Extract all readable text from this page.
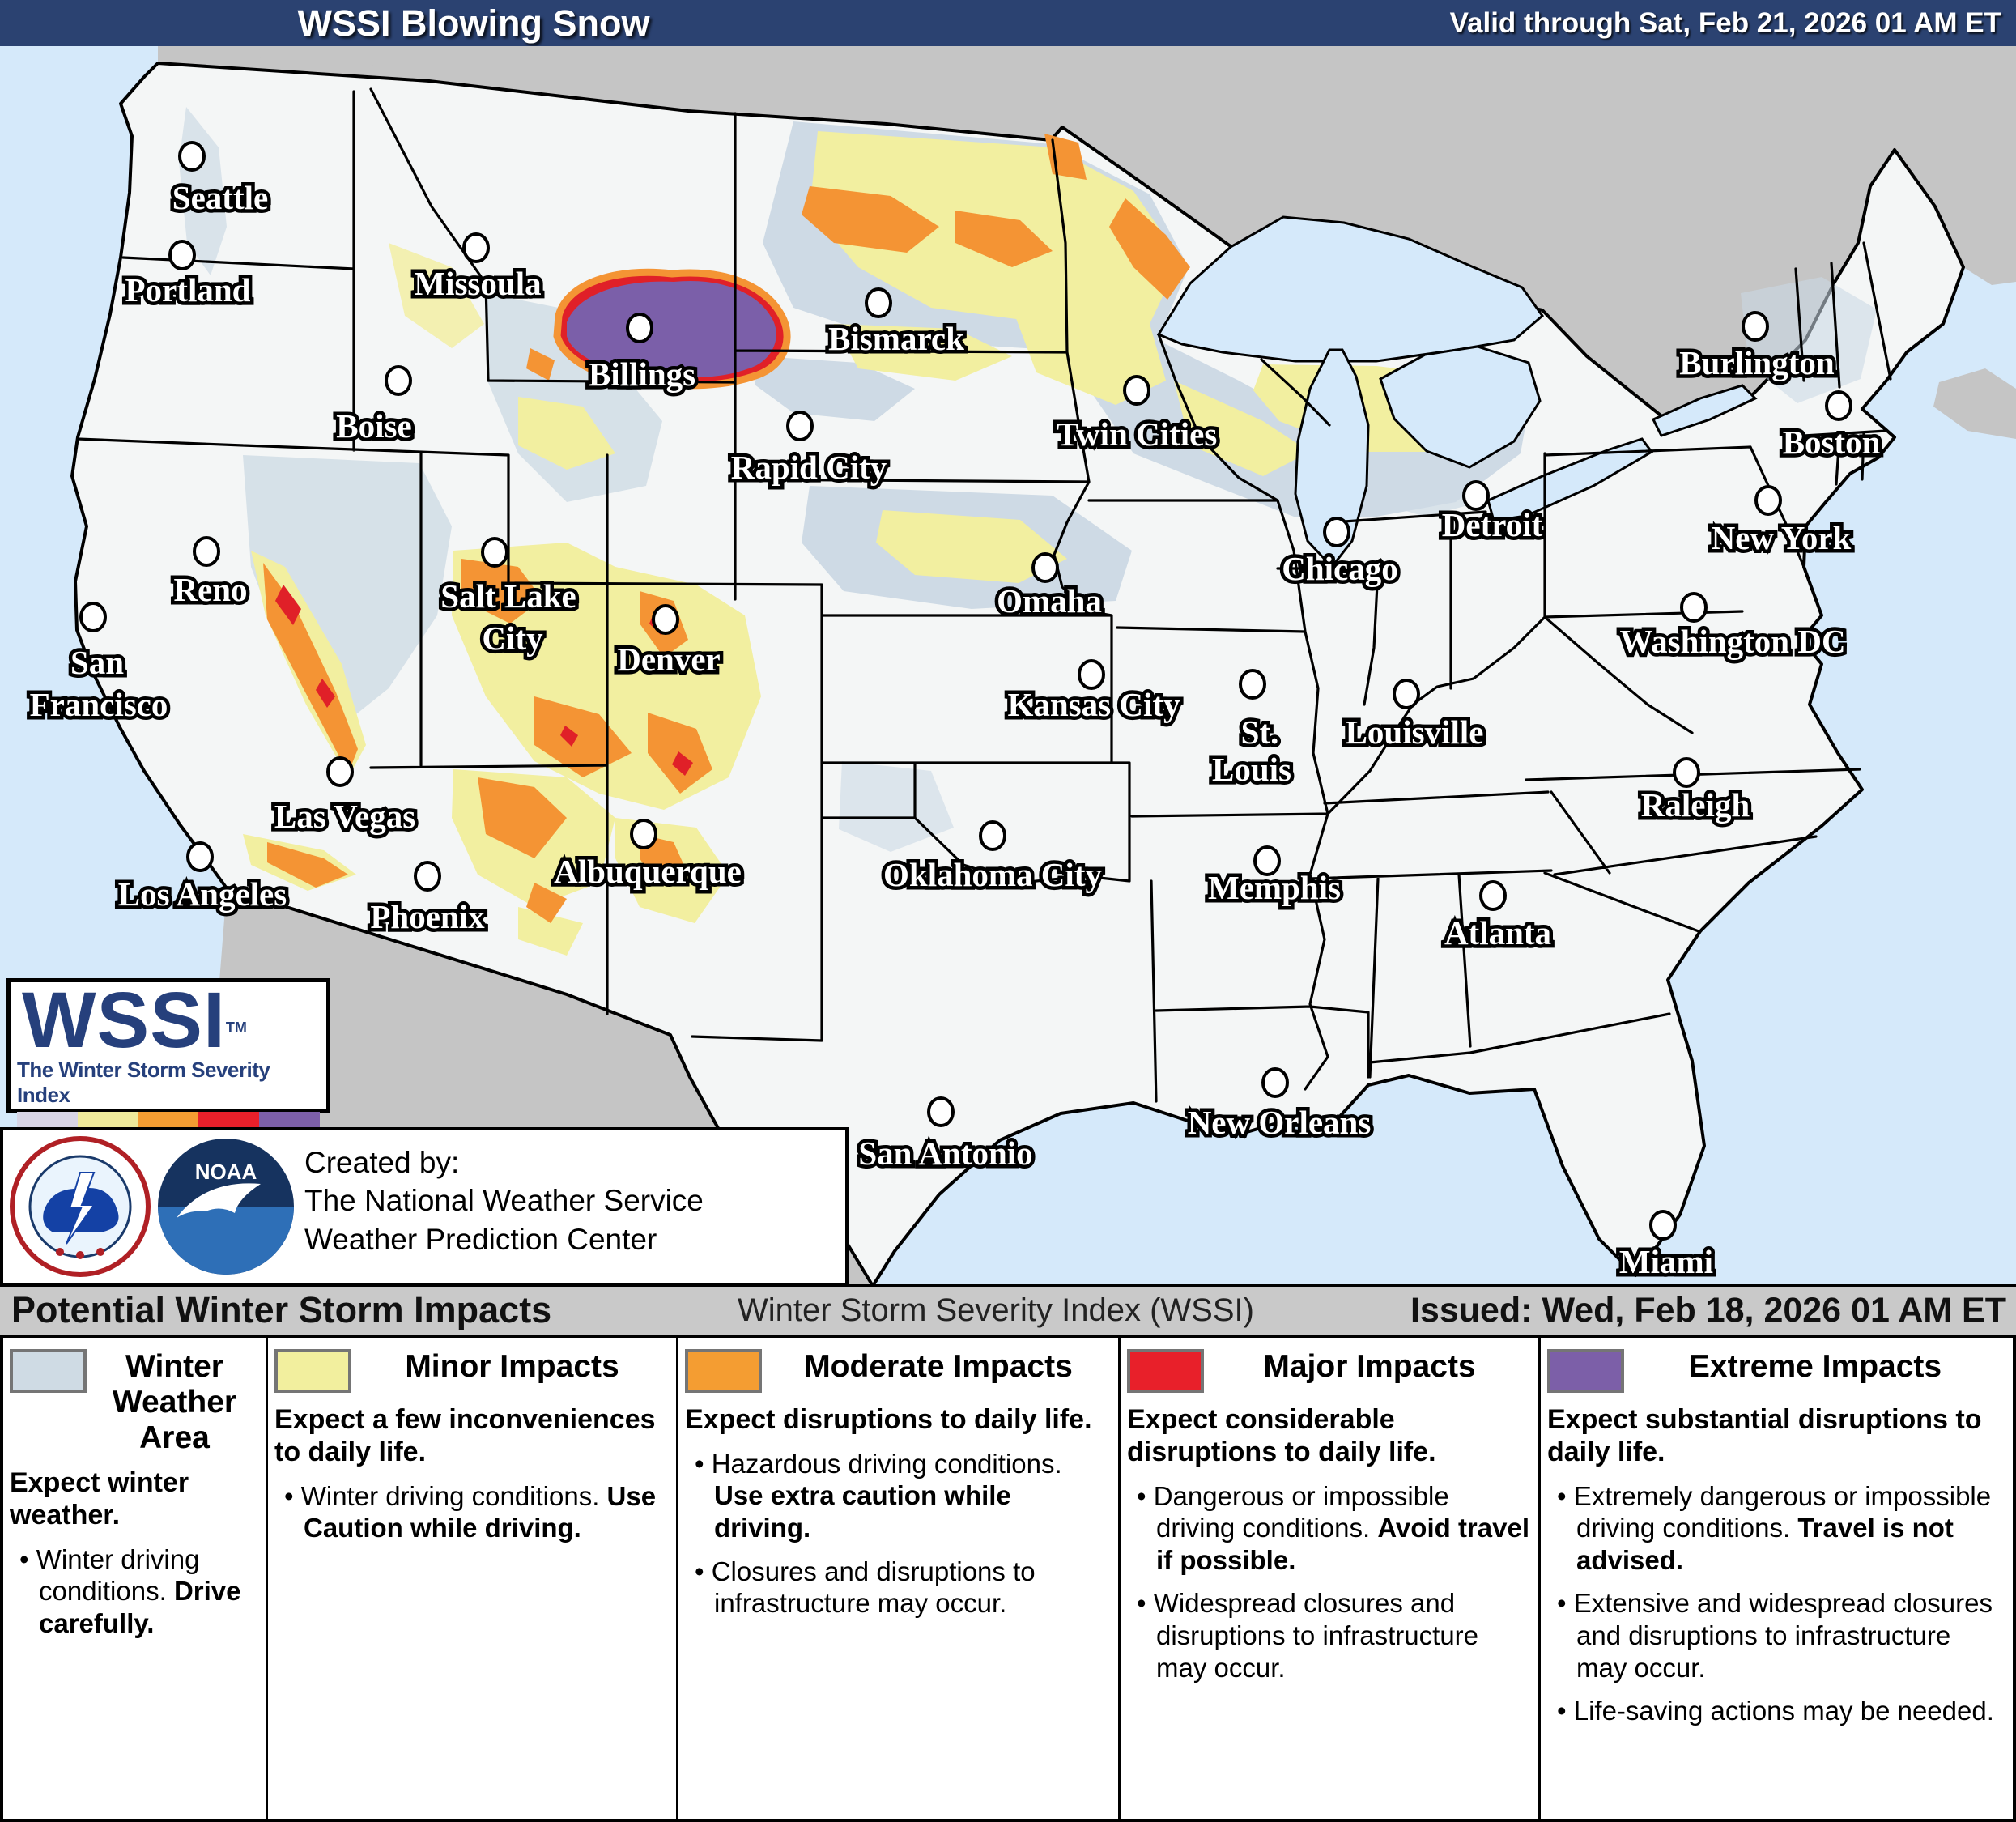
WSSI Blowing Snow	Valid through Sat, Feb 21, 2026 01 AM ET
Seattle
Portland	Missoula
Boise
Billings
Bismarck
Rapid City
Twin Cities
Omaha
Chicago
Detroit
Kansas City
St.
Louis
Louisville
Salt Lake
City
Reno
San
Francisco
Denver
Las Vegas
Los Angeles
Albuquerque
Phoenix
Oklahoma City	Memphis
Atlanta
Raleigh
Washington DC
New York
Boston
Burlington
San Antonio
New Orleans
Miami
WSSI™
The Winter Storm Severity Index
NOAA Created by:
The National Weather Service
Weather Prediction Center
Potential Winter Storm Impacts	Winter Storm Severity Index (WSSI)	Issued: Wed, Feb 18, 2026 01 AM ET
Winter Weather Area
Expect winter weather.
• Winter driving conditions. Drive carefully.
Minor Impacts
Expect a few inconveniences to daily life.
• Winter driving conditions. Use Caution while driving.
Moderate Impacts
Expect disruptions to daily life.
• Hazardous driving conditions. Use extra caution while driving.
• Closures and disruptions to infrastructure may occur.
Major Impacts
Expect considerable disruptions to daily life.
• Dangerous or impossible driving conditions. Avoid travel if possible.
• Widespread closures and disruptions to infrastructure may occur.
Extreme Impacts
Expect substantial disruptions to daily life.
• Extremely dangerous or impossible driving conditions. Travel is not advised.
• Extensive and widespread closures and disruptions to infrastructure may occur.
• Life-saving actions may be needed.
